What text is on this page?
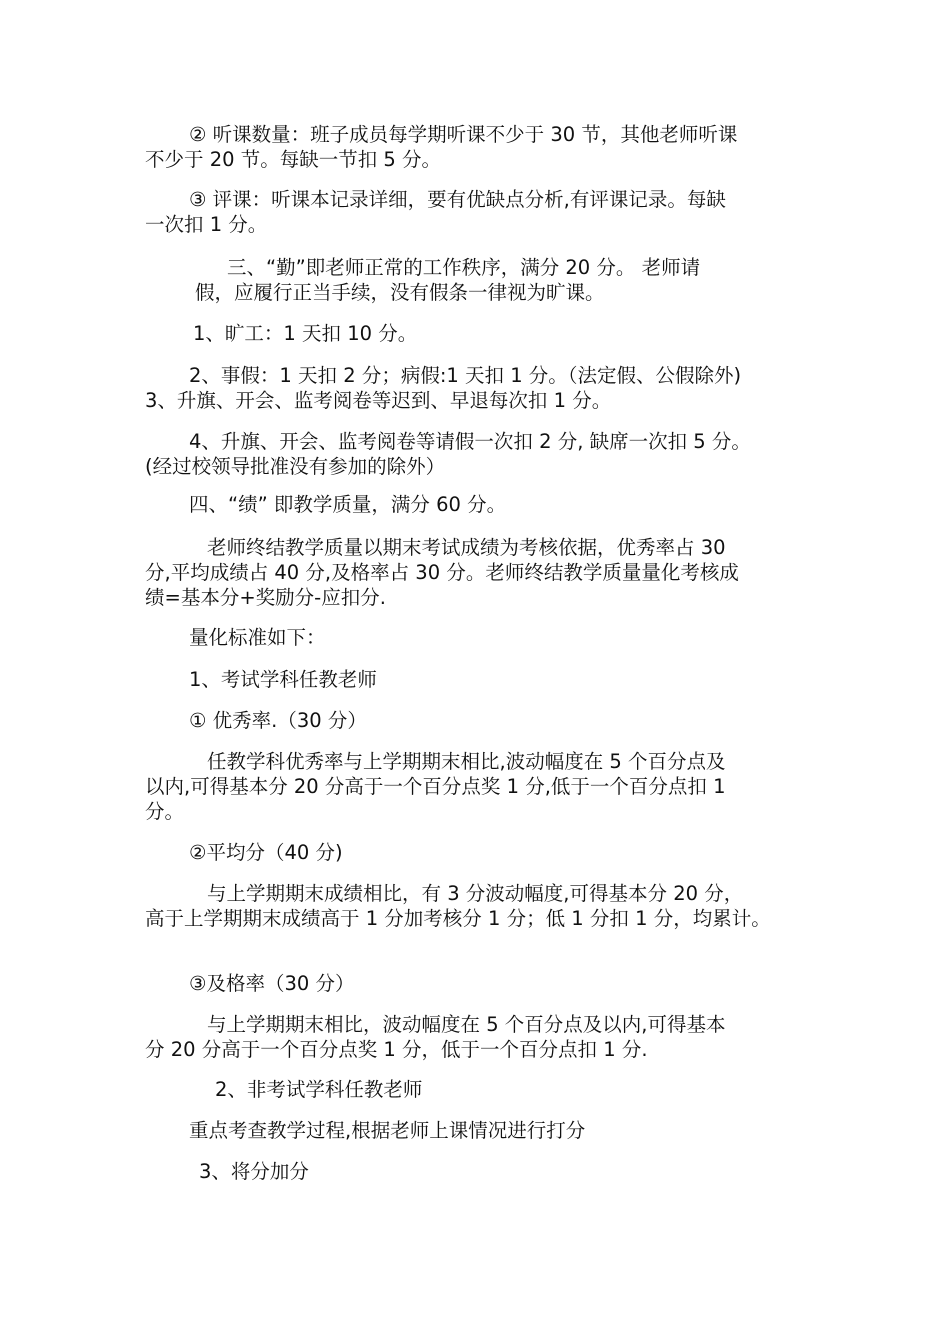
② 听课数量：班子成员每学期听课不少于 30 节，其他老师听课
不少于 20 节。每缺一节扣 5 分。
③ 评课：听课本记录详细，要有优缺点分析,有评课记录。每缺
一次扣 1 分。
三、“勤”即老师正常的工作秩序，满分 20 分。 老师请
假，应履行正当手续，没有假条一律视为旷课。
1、旷工：1 天扣 10 分。
2、事假：1 天扣 2 分；病假:1 天扣 1 分。（法定假、公假除外)
3、升旗、开会、监考阅卷等迟到、早退每次扣 1 分。
4、升旗、开会、监考阅卷等请假一次扣 2 分, 缺席一次扣 5 分。
(经过校领导批准没有参加的除外）
四、“绩” 即教学质量，满分 60 分。
老师终结教学质量以期末考试成绩为考核依据，优秀率占 30
分,平均成绩占 40 分,及格率占 30 分。老师终结教学质量量化考核成
绩=基本分+奖励分-应扣分.
量化标准如下：
1、考试学科任教老师
① 优秀率.（30 分）
任教学科优秀率与上学期期末相比,波动幅度在 5 个百分点及
以内,可得基本分 20 分高于一个百分点奖 1 分,低于一个百分点扣 1
分。
②平均分（40 分)
与上学期期末成绩相比，有 3 分波动幅度,可得基本分 20 分，
高于上学期期末成绩高于 1 分加考核分 1 分；低 1 分扣 1 分，均累计。
③及格率（30 分）
与上学期期末相比，波动幅度在 5 个百分点及以内,可得基本
分 20 分高于一个百分点奖 1 分，低于一个百分点扣 1 分.
2、非考试学科任教老师
重点考查教学过程,根据老师上课情况进行打分
3、将分加分
